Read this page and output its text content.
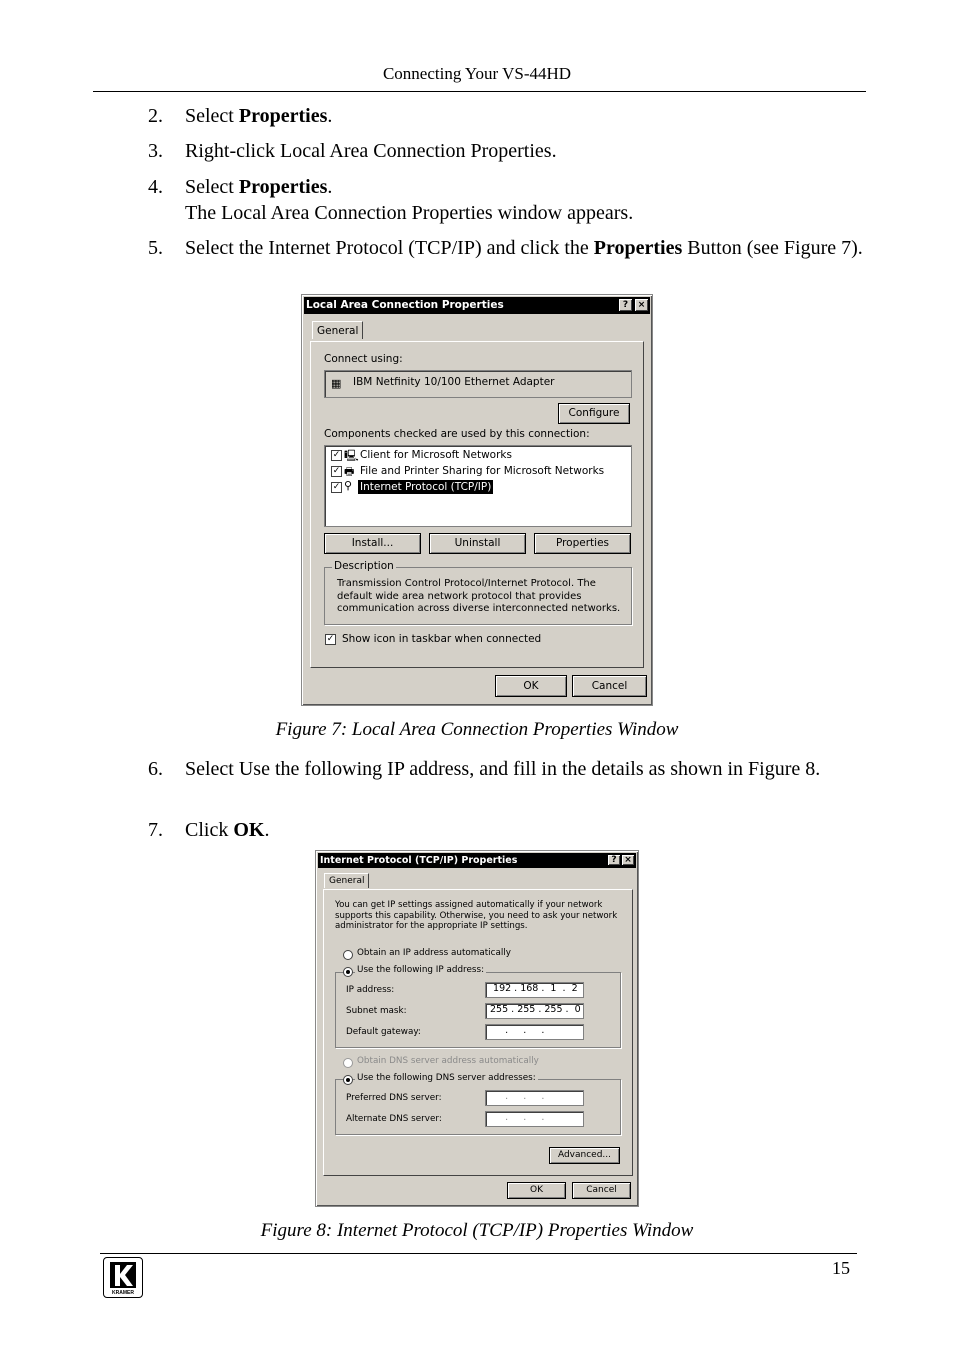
Connecting Your VS-44HD
2.	Select Properties.
3.	Right-click Local Area Connection Properties.
4.	Select Properties.
The Local Area Connection Properties window appears.
5.	Select the Internet Protocol (TCP/IP) and click the Properties Button (see Figure 7).
Local Area Connection Properties	?	×
General
Connect using:
▦ IBM Netfinity 10/100 Ethernet Adapter
Configure
Components checked are used by this connection:
✓ 🖳 Client for Microsoft Networks
✓ 🖶 File and Printer Sharing for Microsoft Networks
✓ ⚲ Internet Protocol (TCP/IP)
Install...	Uninstall	Properties
Description
Transmission Control Protocol/Internet Protocol. The default wide area network protocol that provides communication across diverse interconnected networks.
✓ Show icon in taskbar when connected
OK	Cancel
Figure 7: Local Area Connection Properties Window
6.	Select Use the following IP address, and fill in the details as shown in Figure 8.
7.	Click OK.
Internet Protocol (TCP/IP) Properties	? ×
General
You can get IP settings assigned automatically if your network supports this capability. Otherwise, you need to ask your network administrator for the appropriate IP settings.
Obtain an IP address automatically
Use the following IP address:
IP address:	192 . 168 .  1  .  2
Subnet mask:	255 . 255 . 255 .  0
Default gateway:	.     .     .
Obtain DNS server address automatically
Use the following DNS server addresses:
Preferred DNS server:	.     .     .
Alternate DNS server:	.     .     .
Advanced...
OK	Cancel
Figure 8: Internet Protocol (TCP/IP) Properties Window
KRAMER
15
